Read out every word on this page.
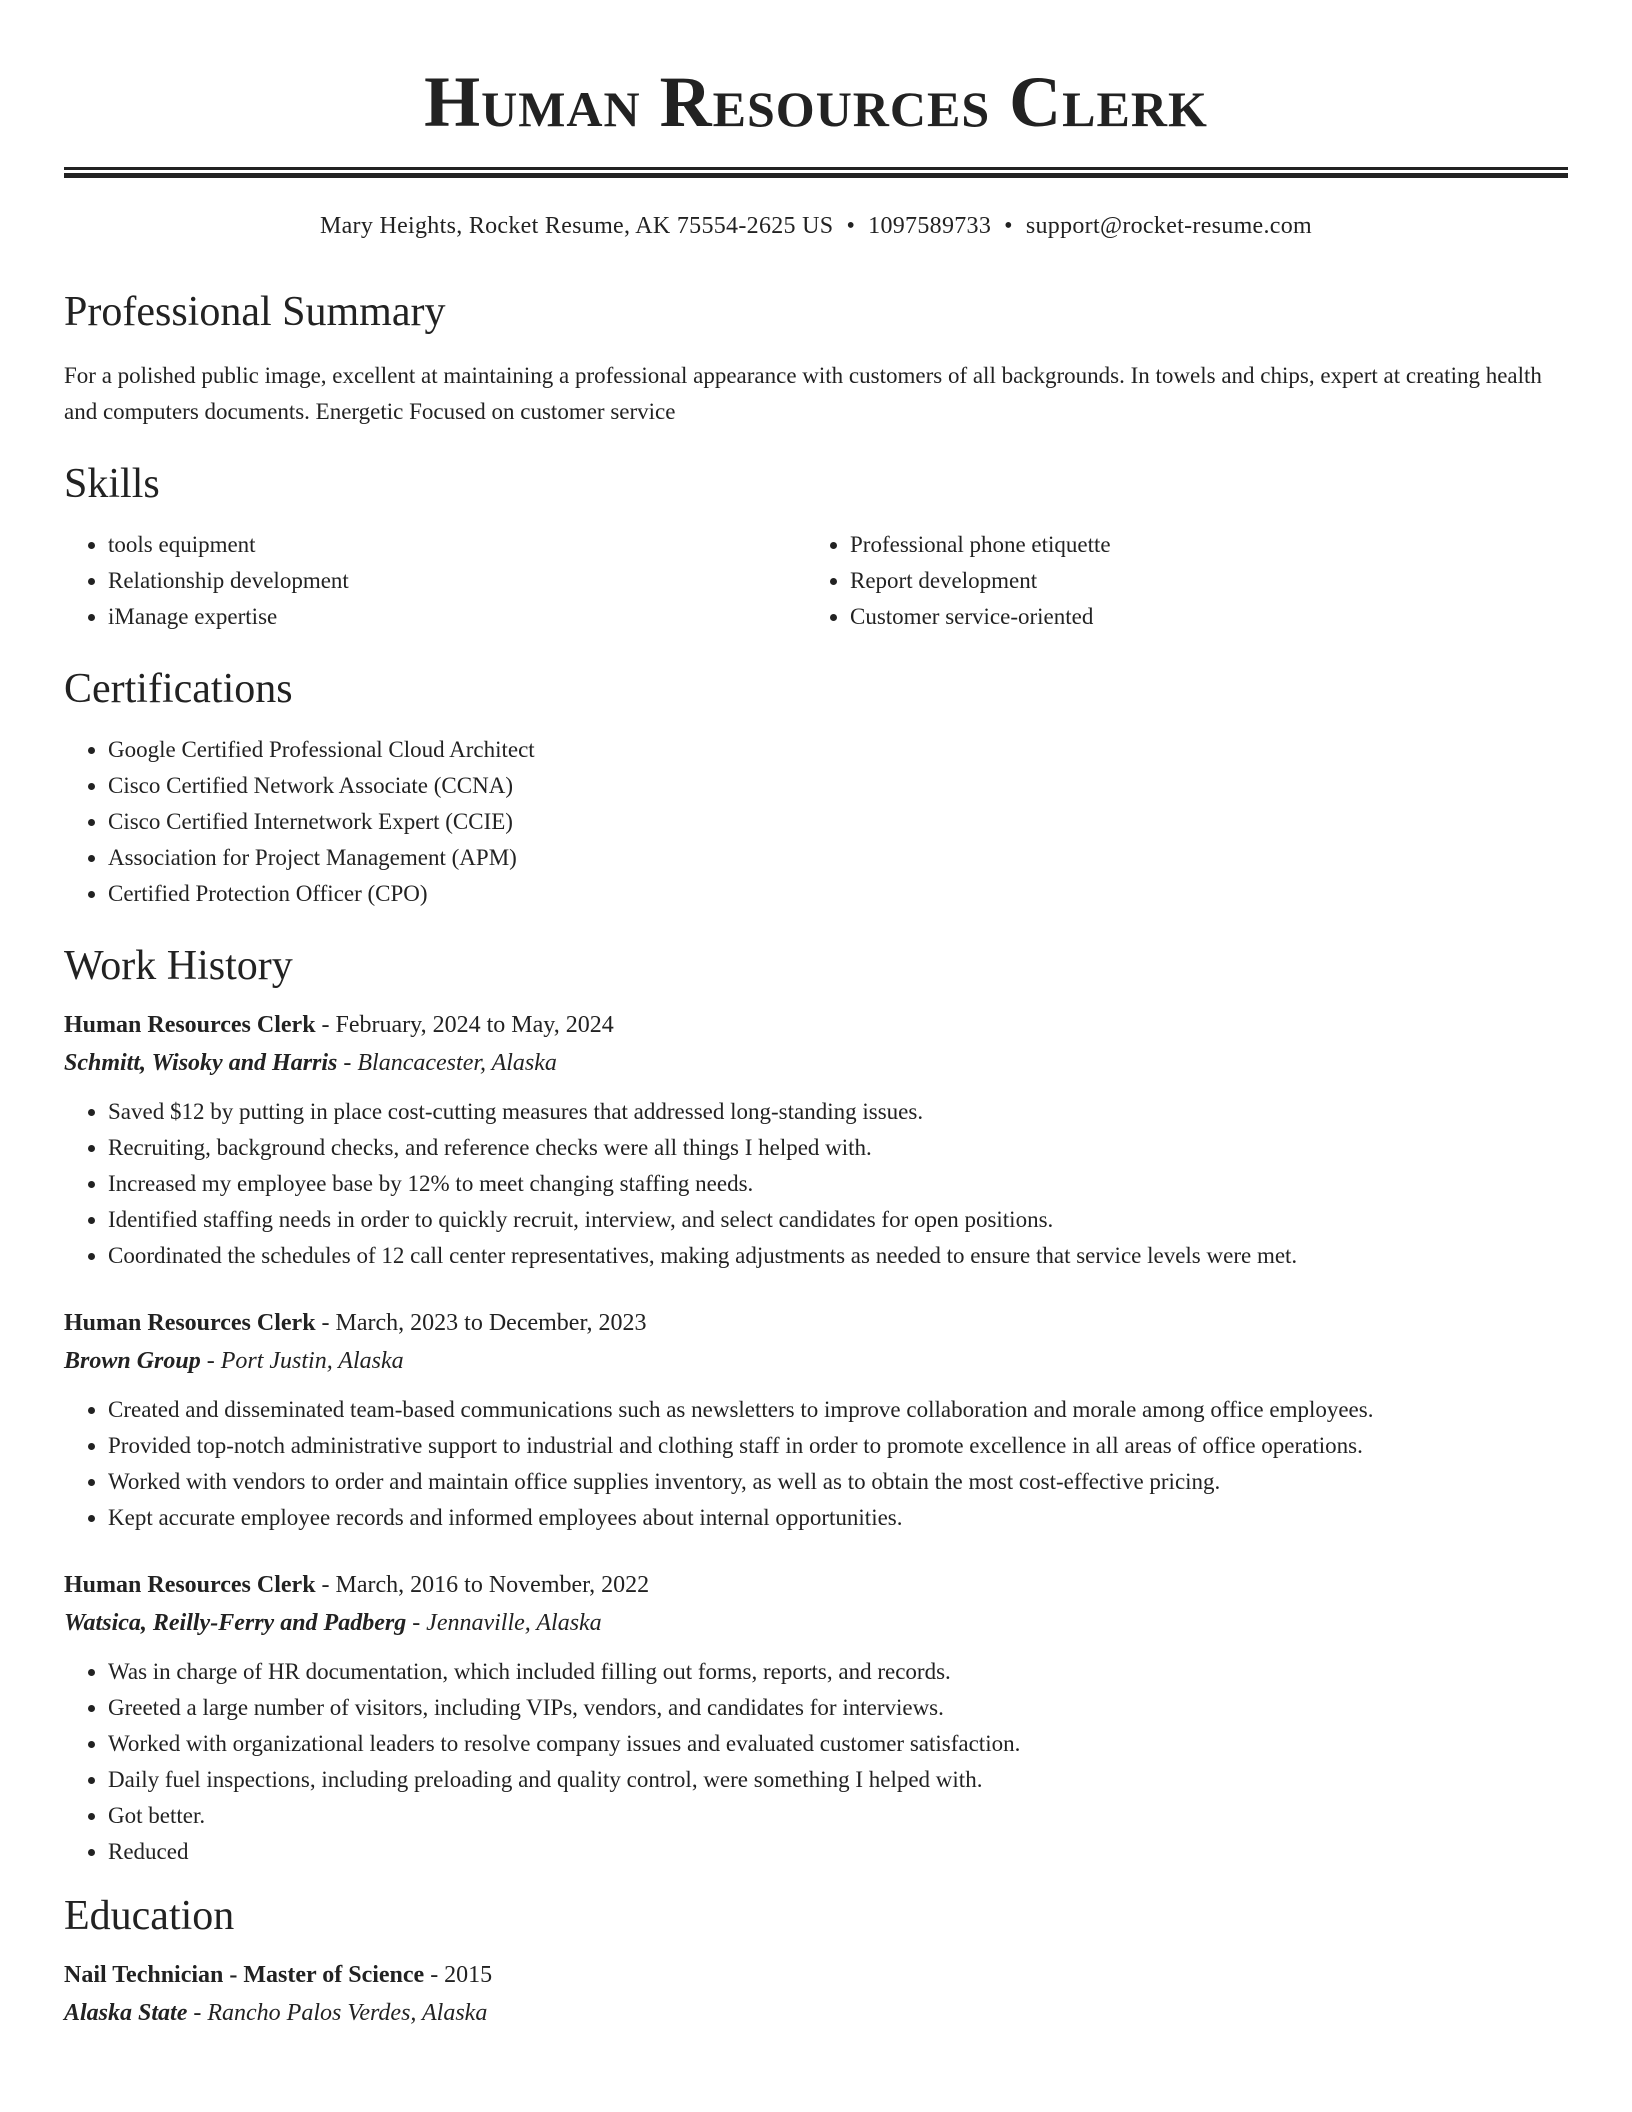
Human Resources Clerk
Mary Heights, Rocket Resume, AK 75554-2625 US • 1097589733 • support@rocket-resume.com
Professional Summary

For a polished public image, excellent at maintaining a professional appearance with customers of all backgrounds. In towels and chips, expert at creating health and computers documents. Energetic Focused on customer service

Skills
• tools equipment
• Relationship development
• iManage expertise
• Professional phone etiquette
• Report development
• Customer service-oriented
Certifications
• Google Certified Professional Cloud Architect
• Cisco Certified Network Associate (CCNA)
• Cisco Certified Internetwork Expert (CCIE)
• Association for Project Management (APM)
• Certified Protection Officer (CPO)
Work History
Human Resources Clerk - February, 2024 to May, 2024
Schmitt, Wisoky and Harris - Blancacester, Alaska
• Saved $12 by putting in place cost-cutting measures that addressed long-standing issues.
• Recruiting, background checks, and reference checks were all things I helped with.
• Increased my employee base by 12% to meet changing staffing needs.
• Identified staffing needs in order to quickly recruit, interview, and select candidates for open positions.
• Coordinated the schedules of 12 call center representatives, making adjustments as needed to ensure that service levels were met.
Human Resources Clerk - March, 2023 to December, 2023
Brown Group - Port Justin, Alaska
• Created and disseminated team-based communications such as newsletters to improve collaboration and morale among office employees.
• Provided top-notch administrative support to industrial and clothing staff in order to promote excellence in all areas of office operations.
• Worked with vendors to order and maintain office supplies inventory, as well as to obtain the most cost-effective pricing.
• Kept accurate employee records and informed employees about internal opportunities.
Human Resources Clerk - March, 2016 to November, 2022
Watsica, Reilly-Ferry and Padberg - Jennaville, Alaska
• Was in charge of HR documentation, which included filling out forms, reports, and records.
• Greeted a large number of visitors, including VIPs, vendors, and candidates for interviews.
• Worked with organizational leaders to resolve company issues and evaluated customer satisfaction.
• Daily fuel inspections, including preloading and quality control, were something I helped with.
• Got better.
• Reduced
Education
Nail Technician - Master of Science - 2015
Alaska State - Rancho Palos Verdes, Alaska
